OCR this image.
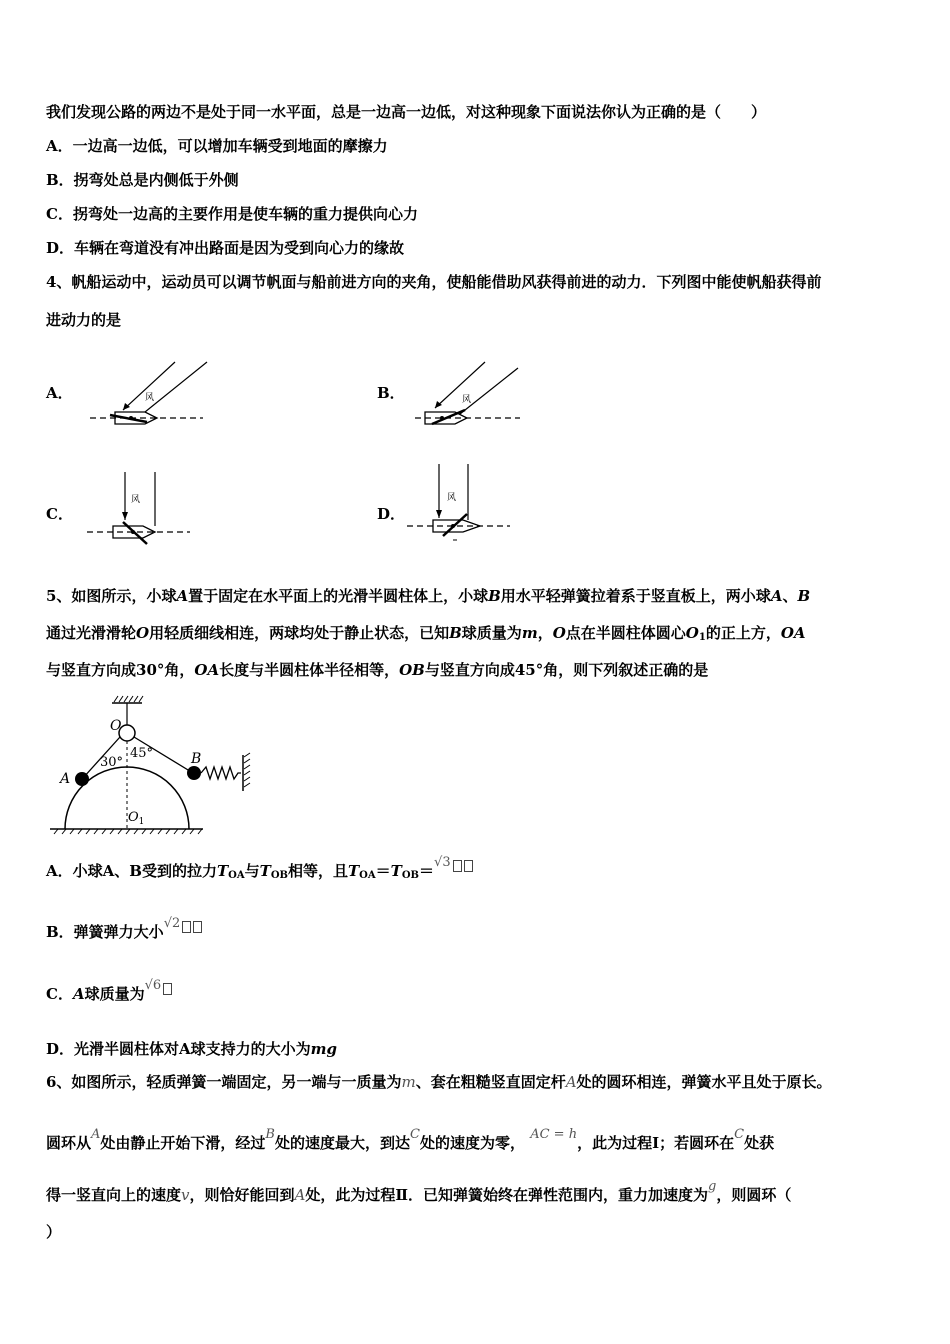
我们发现公路的两边不是处于同一水平面，总是一边高一边低，对这种现象下面说法你认为正确的是（　　）
A．一边高一边低，可以增加车辆受到地面的摩擦力
B．拐弯处总是内侧低于外侧
C．拐弯处一边高的主要作用是使车辆的重力提供向心力
D．车辆在弯道没有冲出路面是因为受到向心力的缘故
4、帆船运动中，运动员可以调节帆面与船前进方向的夹角，使船能借助风获得前进的动力．下列图中能使帆船获得前
进动力的是
A．	B．
C．	D．
风	风
风	风
5、如图所示，小球A置于固定在水平面上的光滑半圆柱体上，小球B用水平轻弹簧拉着系于竖直板上，两小球A、B
通过光滑滑轮O用轻质细线相连，两球均处于静止状态，已知B球质量为m，O点在半圆柱体圆心$O_1$的正上方，OA
与竖直方向成30°角，OA长度与半圆柱体半径相等，OB与竖直方向成45°角，则下列叙述正确的是
O
A
B
30°
45°
$O_1$
A．小球A、B受到的拉力$T_{OA}$与$T_{OB}$相等，且$T_{OA}=T_{OB}=√3$
B．弹簧弹力大小√2
C．A球质量为√6
D．光滑半圆柱体对A球支持力的大小为mg
6、如图所示，轻质弹簧一端固定，另一端与一质量为m、套在粗糙竖直固定杆A处的圆环相连，弹簧水平且处于原长。
圆环从A处由静止开始下滑，经过B处的速度最大，到达C处的速度为零， AC = h，此为过程Ⅰ；若圆环在C处获
得一竖直向上的速度v，则恰好能回到A处，此为过程Ⅱ．已知弹簧始终在弹性范围内，重力加速度为g，则圆环（
）
